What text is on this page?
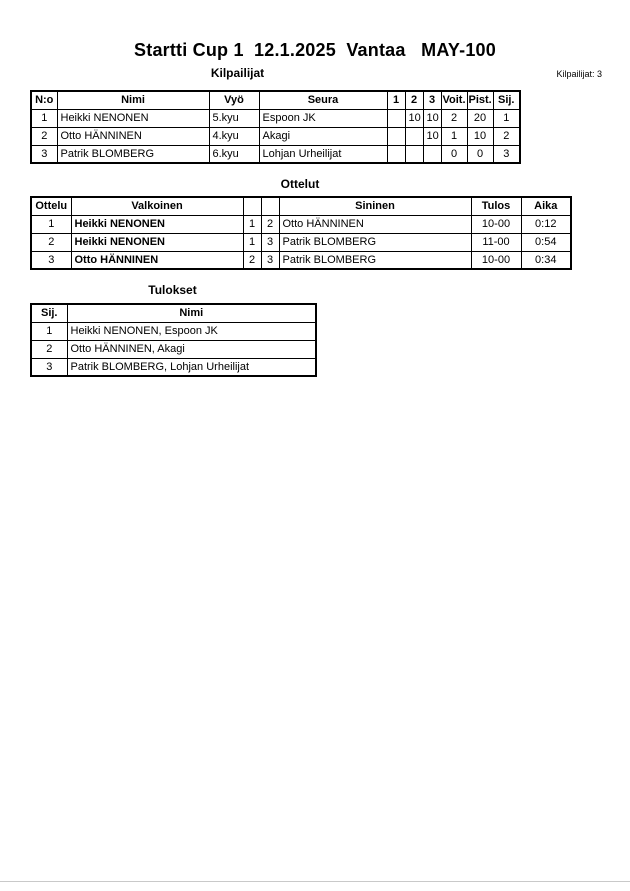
Startti Cup 1  12.1.2025  Vantaa   MAY-100
Kilpailijat	Kilpailijat: 3
N:o	Nimi	Vyö	Seura	1	2	3	Voit.	Pist.	Sij.
1	Heikki NENONEN	5.kyu	Espoon JK		10	10	2	20	1
2	Otto HÄNNINEN	4.kyu	Akagi			10	1	10	2
3	Patrik BLOMBERG	6.kyu	Lohjan Urheilijat				0	0	3
Ottelut
Ottelu	Valkoinen			Sininen	Tulos	Aika
1	Heikki NENONEN	1	2	Otto HÄNNINEN	10-00	0:12
2	Heikki NENONEN	1	3	Patrik BLOMBERG	11-00	0:54
3	Otto HÄNNINEN	2	3	Patrik BLOMBERG	10-00	0:34
Tulokset
Sij.	Nimi
1	Heikki NENONEN, Espoon JK
2	Otto HÄNNINEN, Akagi
3	Patrik BLOMBERG, Lohjan Urheilijat
